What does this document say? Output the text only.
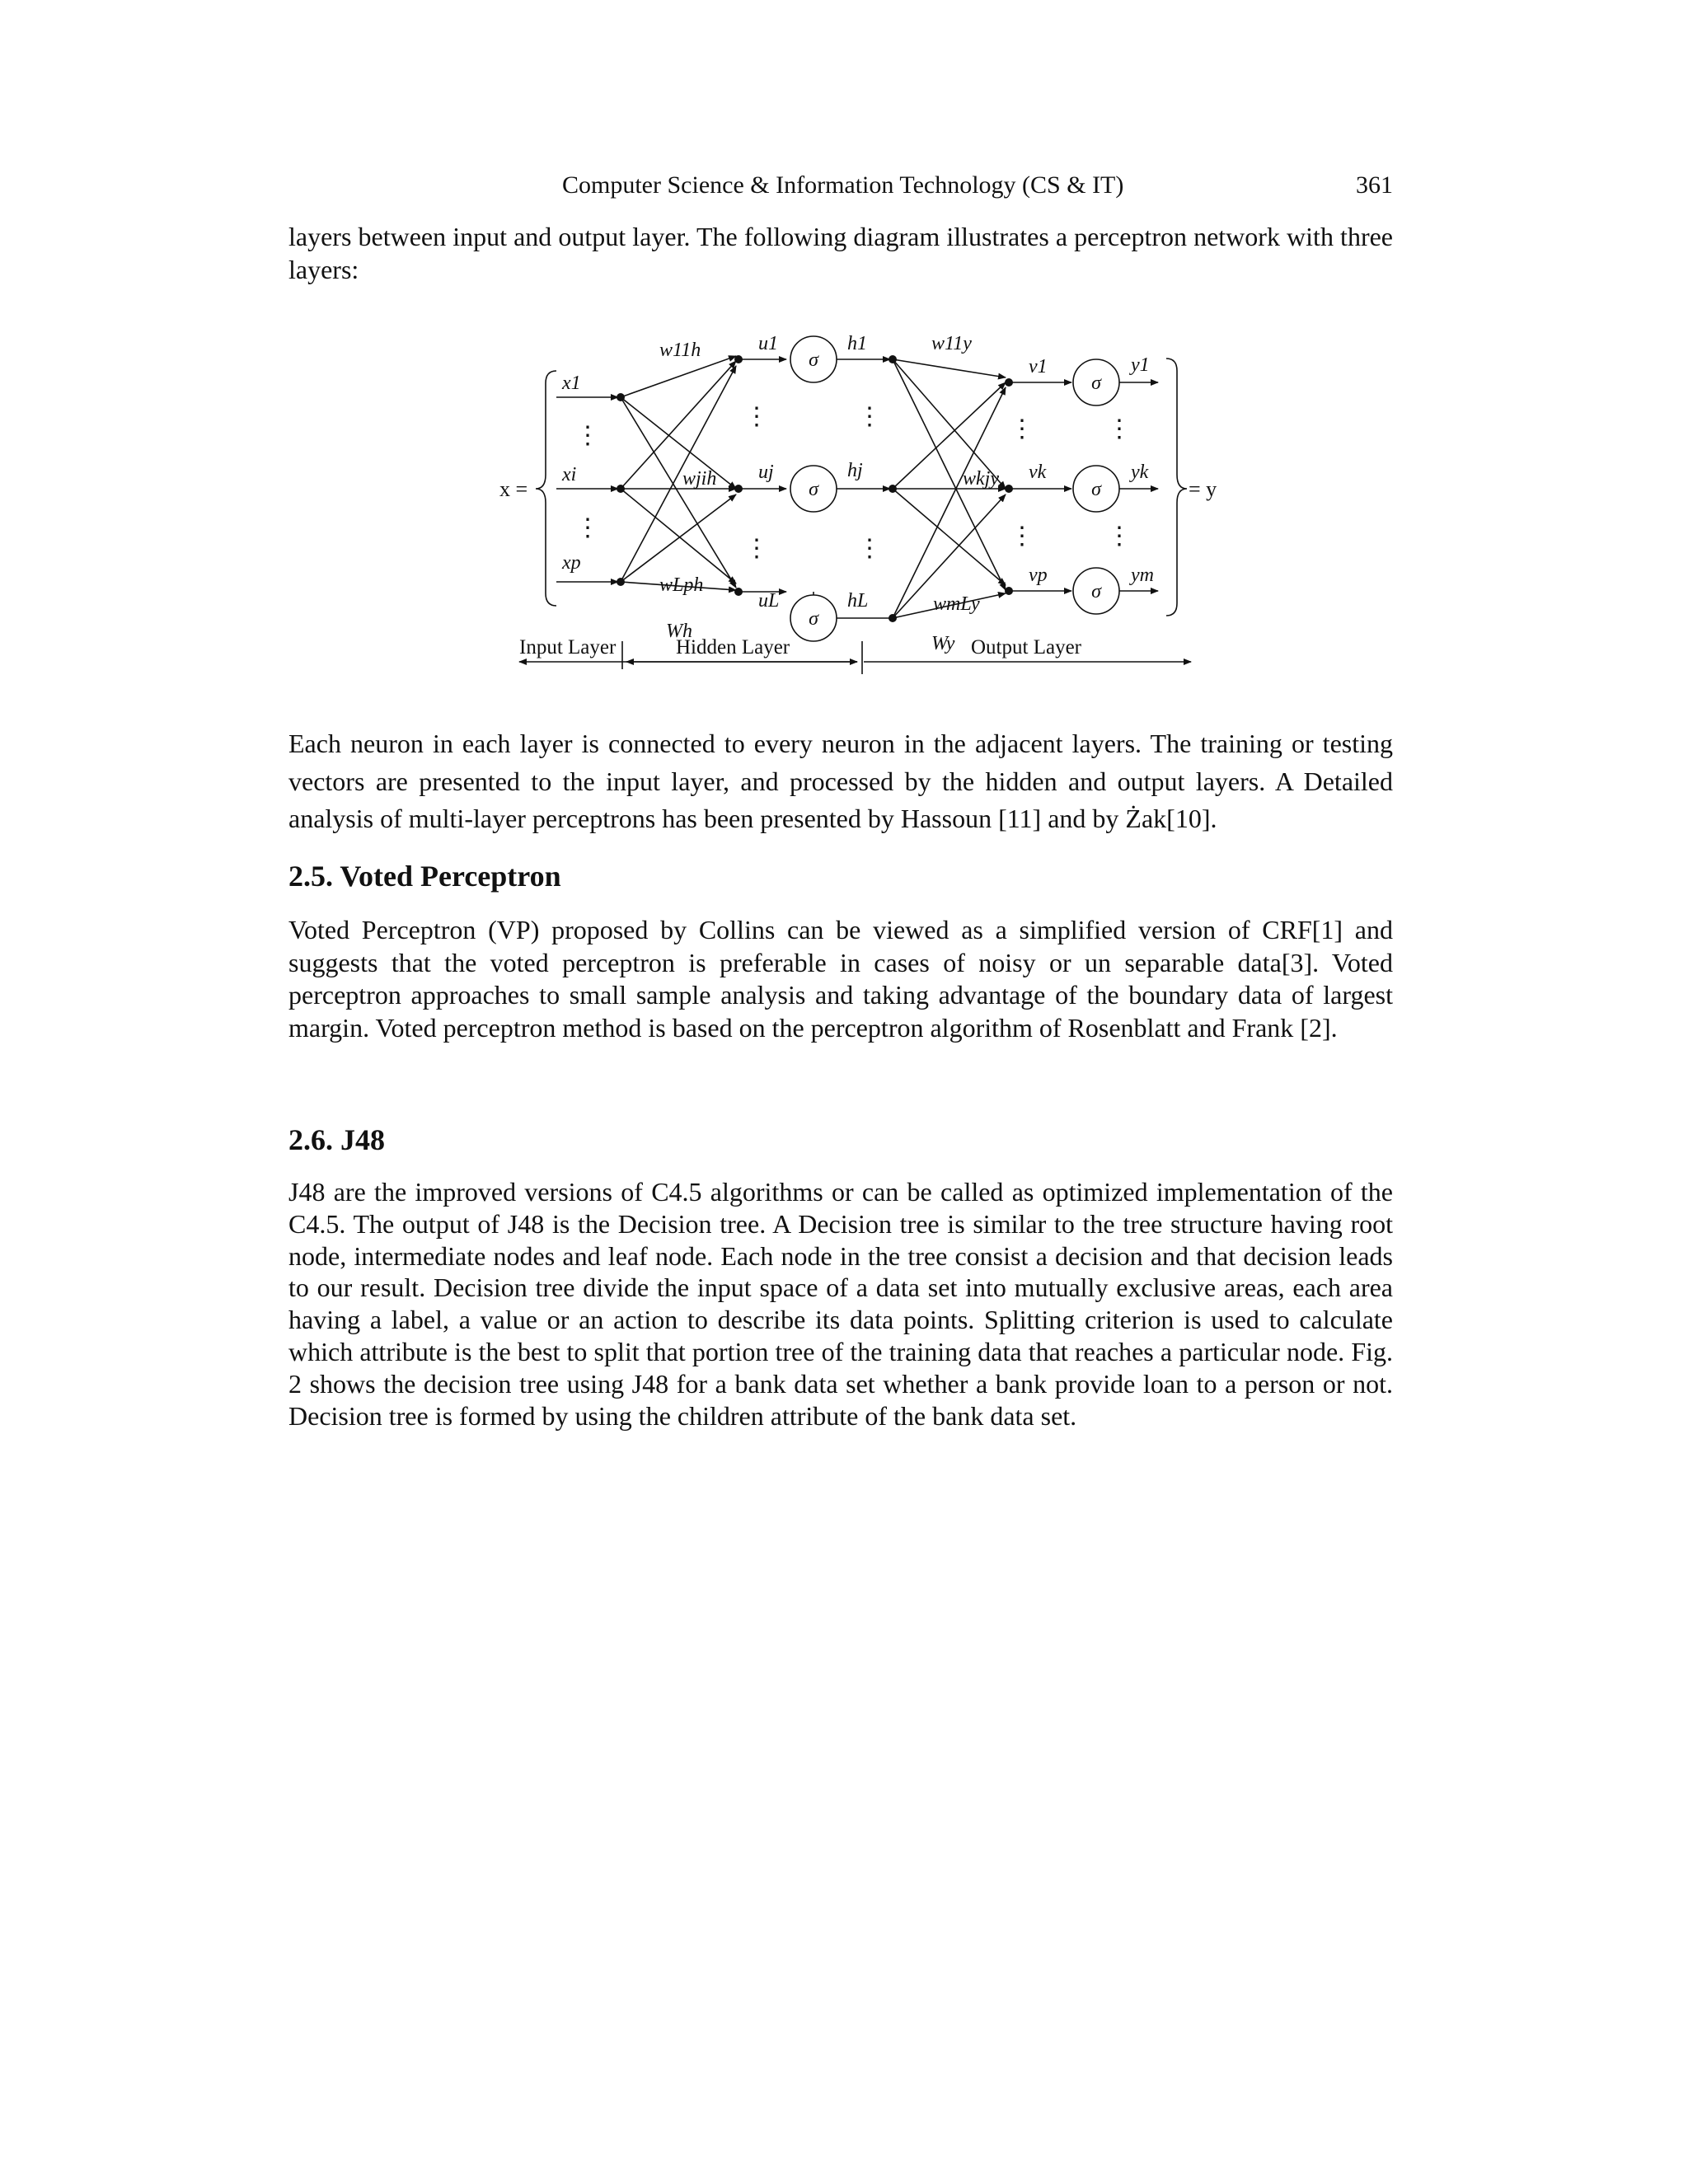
Computer Science & Information Technology (CS & IT)	361

layers between input and output layer. The following diagram illustrates a perceptron network with three layers:

⋮
⋮
⋮
⋮
⋮
⋮
⋮
⋮
⋮
⋮
σ
σ
σ
σ
σ
σ
x1
xi
xp
u1
uj
uL
h1
hj
hL
v1
vk
vp
y1
yk
ym
w11h
wjih
wLph
w11y
wkjy
wmLy
Wh
Wy
x =	= y
Input Layer	Hidden Layer	Output Layer

Each neuron in each layer is connected to every neuron in the adjacent layers. The training or testing vectors are presented to the input layer, and processed by the hidden and output layers. A Detailed analysis of multi-layer perceptrons has been presented by Hassoun [11] and by Żak[10].

2.5. Voted Perceptron

Voted Perceptron (VP) proposed by Collins can be viewed as a simplified version of CRF[1] and suggests that the voted perceptron is preferable in cases of noisy or un separable data[3]. Voted perceptron approaches to small sample analysis and taking advantage of the boundary data of largest margin. Voted perceptron method is based on the perceptron algorithm of Rosenblatt and Frank [2].

2.6. J48

J48 are the improved versions of C4.5 algorithms or can be called as optimized implementation of the C4.5. The output of J48 is the Decision tree. A Decision tree is similar to the tree structure having root node, intermediate nodes and leaf node. Each node in the tree consist a decision and that decision leads to our result. Decision tree divide the input space of a data set into mutually exclusive areas, each area having a label, a value or an action to describe its data points. Splitting criterion is used to calculate which attribute is the best to split that portion tree of the training data that reaches a particular node. Fig. 2 shows the decision tree using J48 for a bank data set whether a bank provide loan to a person or not. Decision tree is formed by using the children attribute of the bank data set.
